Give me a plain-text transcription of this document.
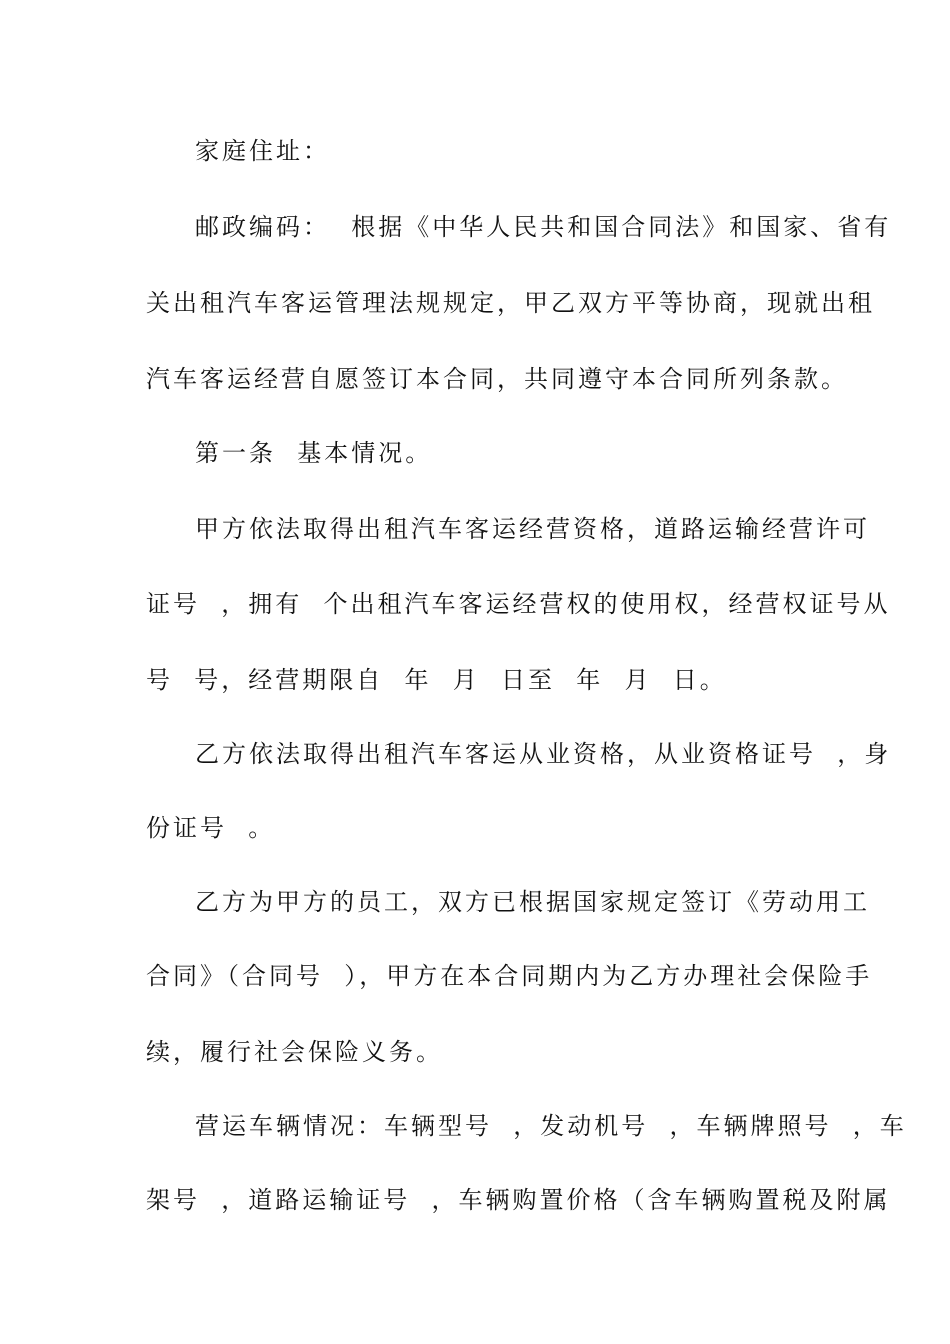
家庭住址：
邮政编码：  根据《中华人民共和国合同法》和国家、省有
关出租汽车客运管理法规规定，甲乙双方平等协商，现就出租
汽车客运经营自愿签订本合同，共同遵守本合同所列条款。
第一条  基本情况。
甲方依法取得出租汽车客运经营资格，道路运输经营许可
证号  ，拥有  个出租汽车客运经营权的使用权，经营权证号从
号  号，经营期限自  年  月  日至  年  月  日。
乙方依法取得出租汽车客运从业资格，从业资格证号  ，身
份证号  。
乙方为甲方的员工，双方已根据国家规定签订《劳动用工
合同》（合同号  ），甲方在本合同期内为乙方办理社会保险手
续，履行社会保险义务。
营运车辆情况：车辆型号  ，发动机号  ，车辆牌照号  ，车
架号  ，道路运输证号  ，车辆购置价格（含车辆购置税及附属
